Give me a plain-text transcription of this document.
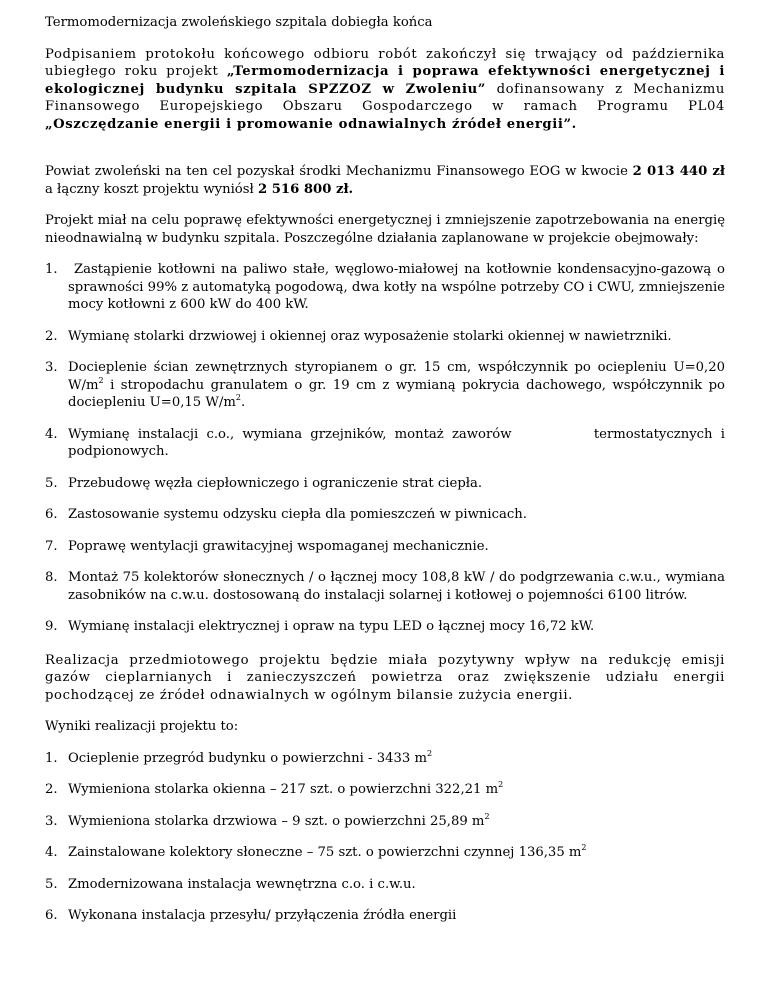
Termomodernizacja zwoleńskiego szpitala dobiegła końca

Podpisaniem protokołu końcowego odbioru robót zakończył się trwający od października ubiegłego roku projekt „Termomodernizacja i poprawa efektywności energetycznej i ekologicznej budynku szpitala SPZZOZ w Zwoleniu” dofinansowany z Mechanizmu Finansowego Europejskiego Obszaru Gospodarczego w ramach Programu PL04 „Oszczędzanie energii i promowanie odnawialnych źródeł energii”.

Powiat zwoleński na ten cel pozyskał środki Mechanizmu Finansowego EOG w kwocie 2 013 440 zł a łączny koszt projektu wyniósł 2 516 800 zł.

Projekt miał na celu poprawę efektywności energetycznej i zmniejszenie zapotrzebowania na energię nieodnawialną w budynku szpitala. Poszczególne działania zaplanowane w projekcie obejmowały:

1. Zastąpienie kotłowni na paliwo stałe, węglowo-miałowej na kotłownie kondensacyjno-gazową o sprawności 99% z automatyką pogodową, dwa kotły na wspólne potrzeby CO i CWU, zmniejszenie mocy kotłowni z 600 kW do 400 kW.
2. Wymianę stolarki drzwiowej i okiennej oraz wyposażenie stolarki okiennej w nawietrzniki.
3. Docieplenie ścian zewnętrznych styropianem o gr. 15 cm, współczynnik po ociepleniu U=0,20 $W/m^2$ i stropodachu granulatem o gr. 19 cm z wymianą pokrycia dachowego, współczynnik po dociepleniu U=0,15 $W/m^2$.
4. Wymianę instalacji c.o., wymiana grzejników, montaż zaworów          termostatycznych i podpionowych.
5. Przebudowę węzła ciepłowniczego i ograniczenie strat ciepła.
6. Zastosowanie systemu odzysku ciepła dla pomieszczeń w piwnicach.
7. Poprawę wentylacji grawitacyjnej wspomaganej mechanicznie.
8. Montaż 75 kolektorów słonecznych / o łącznej mocy 108,8 kW / do podgrzewania c.w.u., wymiana zasobników na c.w.u. dostosowaną do instalacji solarnej i kotłowej o pojemności 6100 litrów.
9. Wymianę instalacji elektrycznej i opraw na typu LED o łącznej mocy 16,72 kW.

Realizacja przedmiotowego projektu będzie miała pozytywny wpływ na redukcję emisji gazów cieplarnianych i zanieczyszczeń powietrza oraz zwiększenie udziału energii pochodzącej ze źródeł odnawialnych w ogólnym bilansie zużycia energii.

Wyniki realizacji projektu to:

1. Ocieplenie przegród budynku o powierzchni - 3433 $m^2$
2. Wymieniona stolarka okienna – 217 szt. o powierzchni 322,21 $m^2$
3. Wymieniona stolarka drzwiowa – 9 szt. o powierzchni 25,89 $m^2$
4. Zainstalowane kolektory słoneczne – 75 szt. o powierzchni czynnej 136,35 $m^2$
5. Zmodernizowana instalacja wewnętrzna c.o. i c.w.u.
6. Wykonana instalacja przesyłu/ przyłączenia źródła energii
